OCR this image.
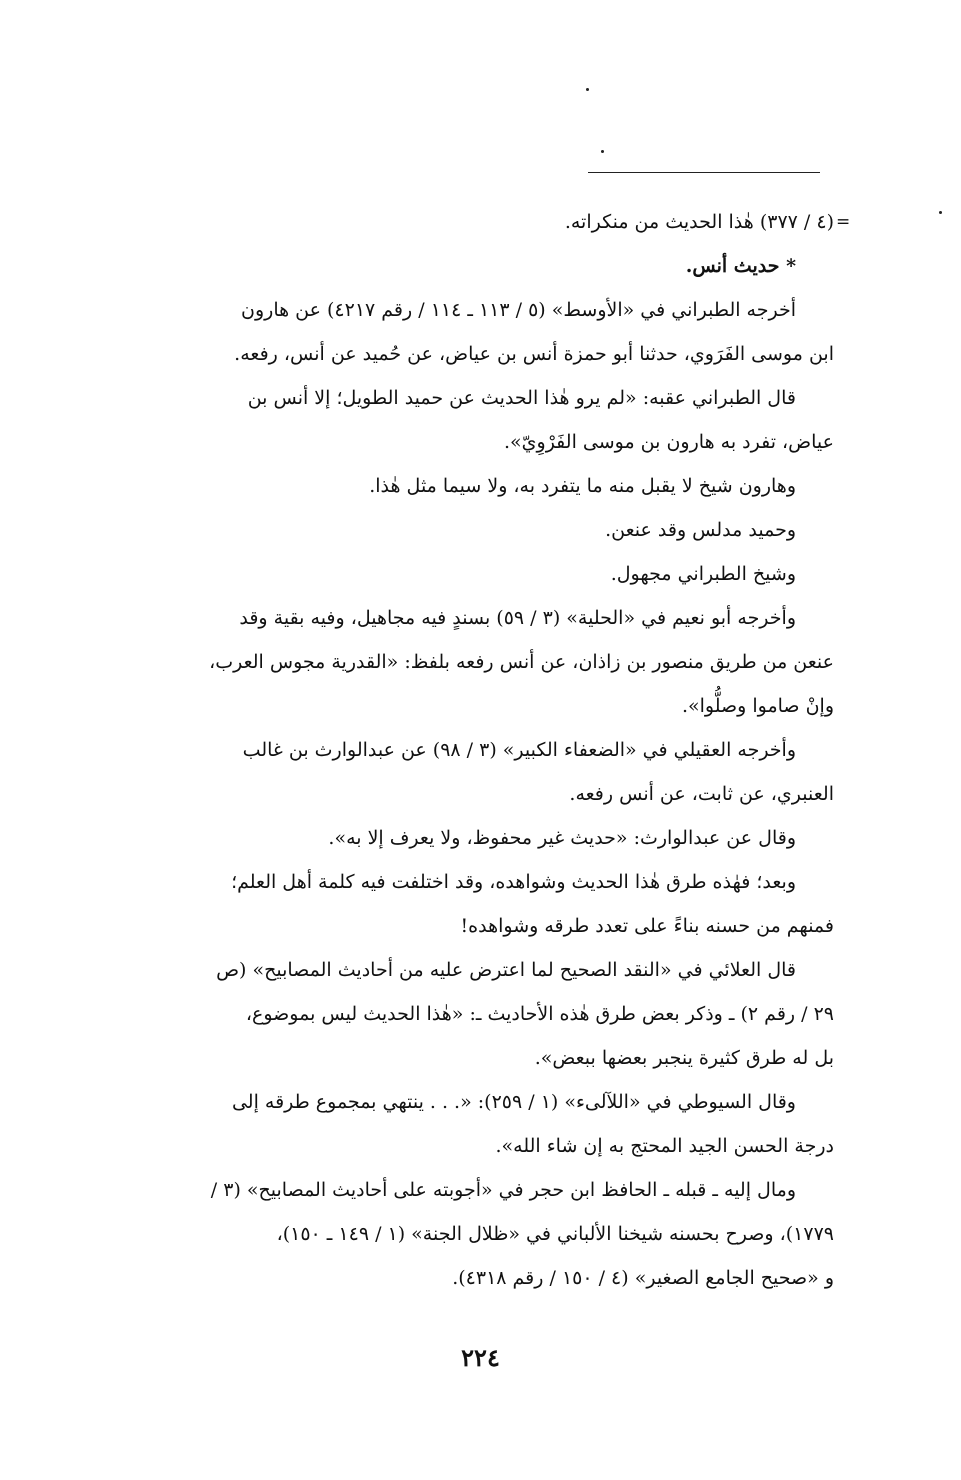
=
(٤ / ٣٧٧) هٰذا الحديث من منكراته.
* حديث أنس.
أخرجه الطبراني في «الأوسط» (٥ / ١١٣ ـ ١١٤ / رقم ٤٢١٧) عن هارون
ابن موسى الفَرَوي، حدثنا أبو حمزة أنس بن عياض، عن حُميد عن أنس، رفعه.
قال الطبراني عقبه: «لم يرو هٰذا الحديث عن حميد الطويل؛ إلا أنس بن
عياض، تفرد به هارون بن موسى الفَرْوِيّ».
وهارون شيخ لا يقبل منه ما يتفرد به، ولا سيما مثل هٰذا.
وحميد مدلس وقد عنعن.
وشيخ الطبراني مجهول.
وأخرجه أبو نعيم في «الحلية» (٣ / ٥٩) بسندٍ فيه مجاهيل، وفيه بقية وقد
عنعن من طريق منصور بن زاذان، عن أنس رفعه بلفظ: «القدرية مجوس العرب،
وإنْ صاموا وصلُّوا».
وأخرجه العقيلي في «الضعفاء الكبير» (٣ / ٩٨) عن عبدالوارث بن غالب
العنبري، عن ثابت، عن أنس رفعه.
وقال عن عبدالوارث: «حديث غير محفوظ، ولا يعرف إلا به».
وبعد؛ فهٰذه طرق هٰذا الحديث وشواهده، وقد اختلفت فيه كلمة أهل العلم؛
فمنهم من حسنه بناءً على تعدد طرقه وشواهده!
قال العلائي في «النقد الصحيح لما اعترض عليه من أحاديث المصابيح» (ص
٢٩ / رقم ٢) ـ وذكر بعض طرق هٰذه الأحاديث ـ: «هٰذا الحديث ليس بموضوع،
بل له طرق كثيرة ينجبر بعضها ببعض».
وقال السيوطي في «اللآلىء» (١ / ٢٥٩): «. . . ينتهي بمجموع طرقه إلى
درجة الحسن الجيد المحتج به إن شاء الله».
ومال إليه ـ قبله ـ الحافظ ابن حجر في «أجوبته على أحاديث المصابيح» (٣ /
١٧٧٩)، وصرح بحسنه شيخنا الألباني في «ظلال الجنة» (١ / ١٤٩ ـ ١٥٠)،
و «صحيح الجامع الصغير» (٤ / ١٥٠ / رقم ٤٣١٨).
٢٢٤
